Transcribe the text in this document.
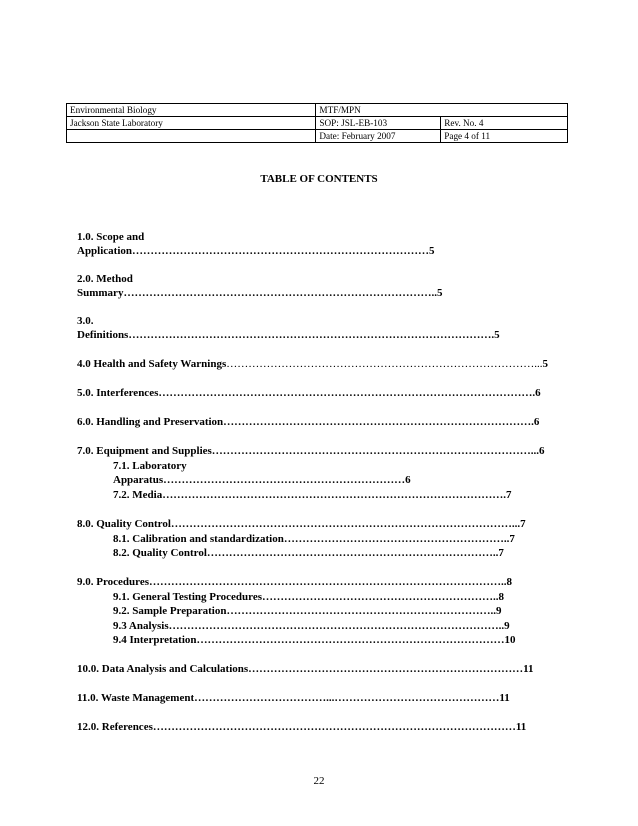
Environmental Biology	MTF/MPN	
Jackson State Laboratory	SOP: JSL-EB-103	Rev. No. 4
	Date: February 2007	Page 4 of 11
TABLE OF CONTENTS
1.0. Scope and
Application………………………………………………………………………5
2.0. Method
Summary…………………………………………………………………………..5
3.0.
Definitions……………………………………………………………………………………….5
4.0 Health and Safety Warnings…………………………………………………………………………...5
5.0. Interferences………………………………………………………………………………………….6
6.0. Handling and Preservation………………………………………………………………………….6
7.0. Equipment and Supplies……………………………………………………………………………...6
7.1. Laboratory
Apparatus…………………………………………………………6
7.2. Media………………………………………………………………………………….7
8.0. Quality Control…………………………………………………………………………………...7
8.1. Calibration and standardization……………………………………………………..7
8.2. Quality Control……………………………………………………………………..7
9.0. Procedures……………………………………………………………………………………..8
9.1. General Testing Procedures………………………………………………………..8
9.2. Sample Preparation………………………………………………………………..9
9.3 Analysis………………………………………………………………………………..9
9.4 Interpretation…………………………………………………………………………10
10.0. Data Analysis and Calculations…………………………………………………………………11
11.0. Waste Management………………………………...………………………………………11
12.0. References………………………………………………………………………………………11
22
